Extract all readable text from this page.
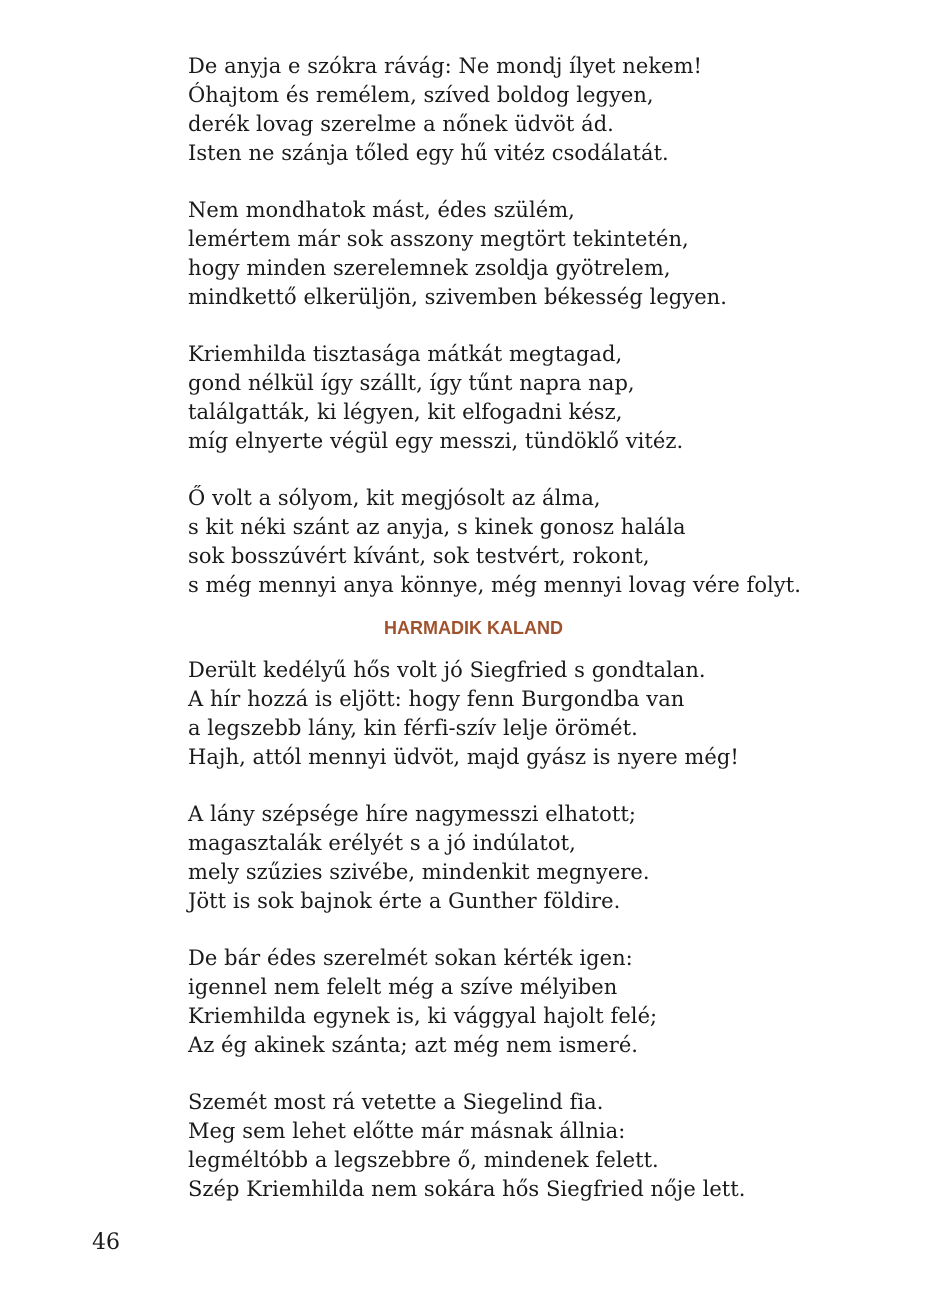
De anyja e szókra rávág: Ne mondj ílyet nekem!
Óhajtom és remélem, szíved boldog legyen,
derék lovag szerelme a nőnek üdvöt ád.
Isten ne szánja tőled egy hű vitéz csodálatát.
Nem mondhatok mást, édes szülém,
lemértem már sok asszony megtört tekintetén,
hogy minden szerelemnek zsoldja gyötrelem,
mindkettő elkerüljön, szivemben békesség legyen.
Kriemhilda tisztasága mátkát megtagad,
gond nélkül így szállt, így tűnt napra nap,
találgatták, ki légyen, kit elfogadni kész,
míg elnyerte végül egy messzi, tündöklő vitéz.
Ő volt a sólyom, kit megjósolt az álma,
s kit néki szánt az anyja, s kinek gonosz halála
sok bosszúvért kívánt, sok testvért, rokont,
s még mennyi anya könnye, még mennyi lovag vére folyt.
HARMADIK KALAND
Derült kedélyű hős volt jó Siegfried s gondtalan.
A hír hozzá is eljött: hogy fenn Burgondba van
a legszebb lány, kin férfi-szív lelje örömét.
Hajh, attól mennyi üdvöt, majd gyász is nyere még!
A lány szépsége híre nagymesszi elhatott;
magasztalák erélyét s a jó indúlatot,
mely szűzies szivébe, mindenkit megnyere.
Jött is sok bajnok érte a Gunther földire.
De bár édes szerelmét sokan kérték igen:
igennel nem felelt még a szíve mélyiben
Kriemhilda egynek is, ki vággyal hajolt felé;
Az ég akinek szánta; azt még nem ismeré.
Szemét most rá vetette a Siegelind fia.
Meg sem lehet előtte már másnak állnia:
legméltóbb a legszebbre ő, mindenek felett.
Szép Kriemhilda nem sokára hős Siegfried nője lett.
46
